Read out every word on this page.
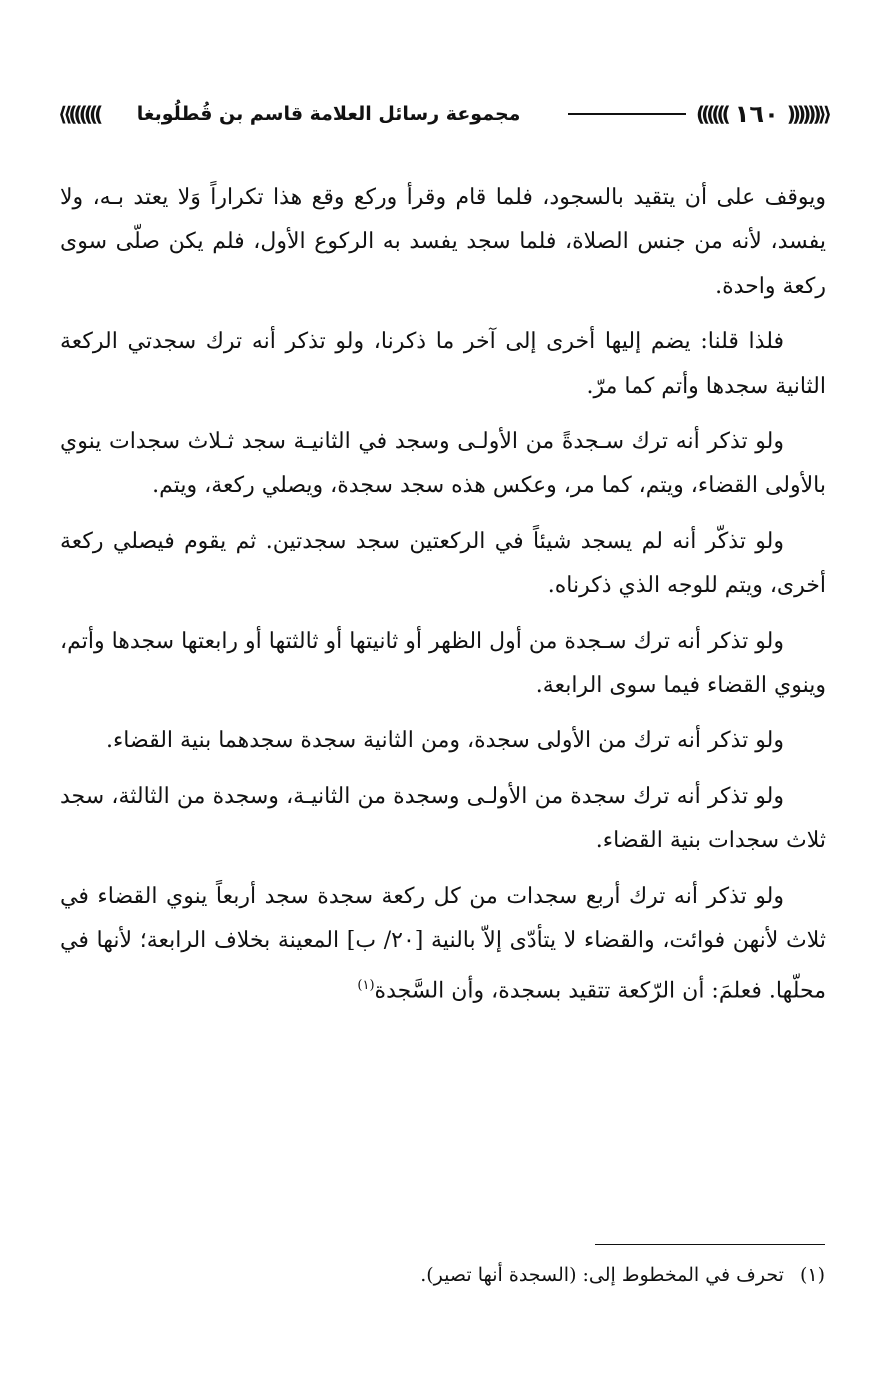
⟪((((((
١٦٠
))))))
مجموعة رسائل العلامة قاسم بن قُطلُوبغا
))))))⟫

ويوقف على أن يتقيد بالسجود، فلما قام وقرأ وركع وقع هذا تكراراً وَلا يعتد بـه، ولا يفسد، لأنه من جنس الصلاة، فلما سجد يفسد به الركوع الأول، فلم يكن صلّى سوى ركعة واحدة.

فلذا قلنا: يضم إليها أخرى إلى آخر ما ذكرنا، ولو تذكر أنه ترك سجدتي الركعة الثانية سجدها وأتم كما مرّ.

ولو تذكر أنه ترك سـجدةً من الأولـى وسجد في الثانيـة سجد ثـلاث سجدات ينوي بالأولى القضاء، ويتم، كما مر، وعكس هذه سجد سجدة، ويصلي ركعة، ويتم.

ولو تذكّر أنه لم يسجد شيئاً في الركعتين سجد سجدتين. ثم يقوم فيصلي ركعة أخرى، ويتم للوجه الذي ذكرناه.

ولو تذكر أنه ترك سـجدة من أول الظهر أو ثانيتها أو ثالثتها أو رابعتها سجدها وأتم، وينوي القضاء فيما سوى الرابعة.

ولو تذكر أنه ترك من الأولى سجدة، ومن الثانية سجدة سجدهما بنية القضاء.

ولو تذكر أنه ترك سجدة من الأولـى وسجدة من الثانيـة، وسجدة من الثالثة، سجد ثلاث سجدات بنية القضاء.

ولو تذكر أنه ترك أربع سجدات من كل ركعة سجدة سجد أربعاً ينوي القضاء في ثلاث لأنهن فوائت، والقضاء لا يتأدّى إلاّ بالنية [٢٠/ ب] المعينة بخلاف الرابعة؛ لأنها في محلّها. فعلمَ: أن الرّكعة تتقيد بسجدة، وأن السَّجدة$^{(١)}$

(١) تحرف في المخطوط إلى: (السجدة أنها تصير).
